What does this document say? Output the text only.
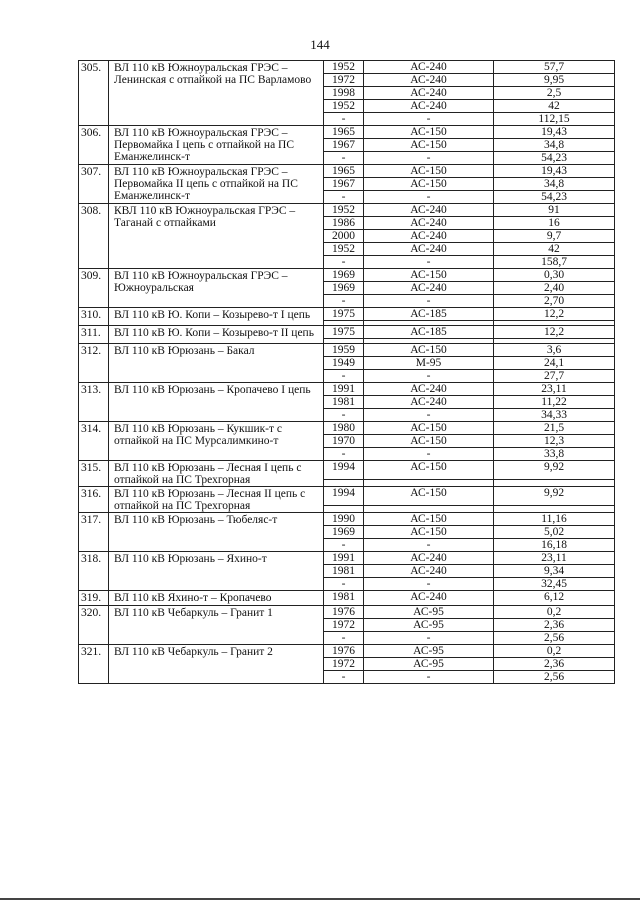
144
305.	ВЛ 110 кВ Южноуральская ГРЭС – Ленинская с отпайкой на ПС Варламово	1952	АС-240	57,7
		1972	АС-240	9,95
		1998	АС-240	2,5
		1952	АС-240	42
		-	-	112,15
306.	ВЛ 110 кВ Южноуральская ГРЭС – Первомайка I цепь с отпайкой на ПС Еманжелинск-т	1965	АС-150	19,43
		1967	АС-150	34,8
		-	-	54,23
307.	ВЛ 110 кВ Южноуральская ГРЭС – Первомайка II цепь с отпайкой на ПС Еманжелинск-т	1965	АС-150	19,43
		1967	АС-150	34,8
		-	-	54,23
308.	КВЛ 110 кВ Южноуральская ГРЭС – Таганай с отпайками	1952	АС-240	91
		1986	АС-240	16
		2000	АС-240	9,7
		1952	АС-240	42
		-	-	158,7
309.	ВЛ 110 кВ Южноуральская ГРЭС – Южноуральская	1969	АС-150	0,30
		1969	АС-240	2,40
		-	-	2,70
310.	ВЛ 110 кВ Ю. Копи – Козырево-т I цепь	1975	АС-185	12,2

311.	ВЛ 110 кВ Ю. Копи – Козырево-т II цепь	1975	АС-185	12,2

312.	ВЛ 110 кВ Юрюзань – Бакал	1959	АС-150	3,6
		1949	М-95	24,1
		-	-	27,7
313.	ВЛ 110 кВ Юрюзань – Кропачево I цепь	1991	АС-240	23,11
		1981	АС-240	11,22
		-	-	34,33
314.	ВЛ 110 кВ Юрюзань – Кукшик-т с отпайкой на ПС Мурсалимкино-т	1980	АС-150	21,5
		1970	АС-150	12,3
		-	-	33,8
315.	ВЛ 110 кВ Юрюзань – Лесная I цепь с отпайкой на ПС Трехгорная	1994	АС-150	9,92

316.	ВЛ 110 кВ Юрюзань – Лесная II цепь с отпайкой на ПС Трехгорная	1994	АС-150	9,92

317.	ВЛ 110 кВ Юрюзань – Тюбеляс-т	1990	АС-150	11,16
		1969	АС-150	5,02
		-	-	16,18
318.	ВЛ 110 кВ Юрюзань – Яхино-т	1991	АС-240	23,11
		1981	АС-240	9,34
		-	-	32,45
319.	ВЛ 110 кВ Яхино-т – Кропачево	1981	АС-240	6,12
320.	ВЛ 110 кВ Чебаркуль – Гранит 1	1976	АС-95	0,2
		1972	АС-95	2,36
		-	-	2,56
321.	ВЛ 110 кВ Чебаркуль – Гранит 2	1976	АС-95	0,2
		1972	АС-95	2,36
		-	-	2,56
